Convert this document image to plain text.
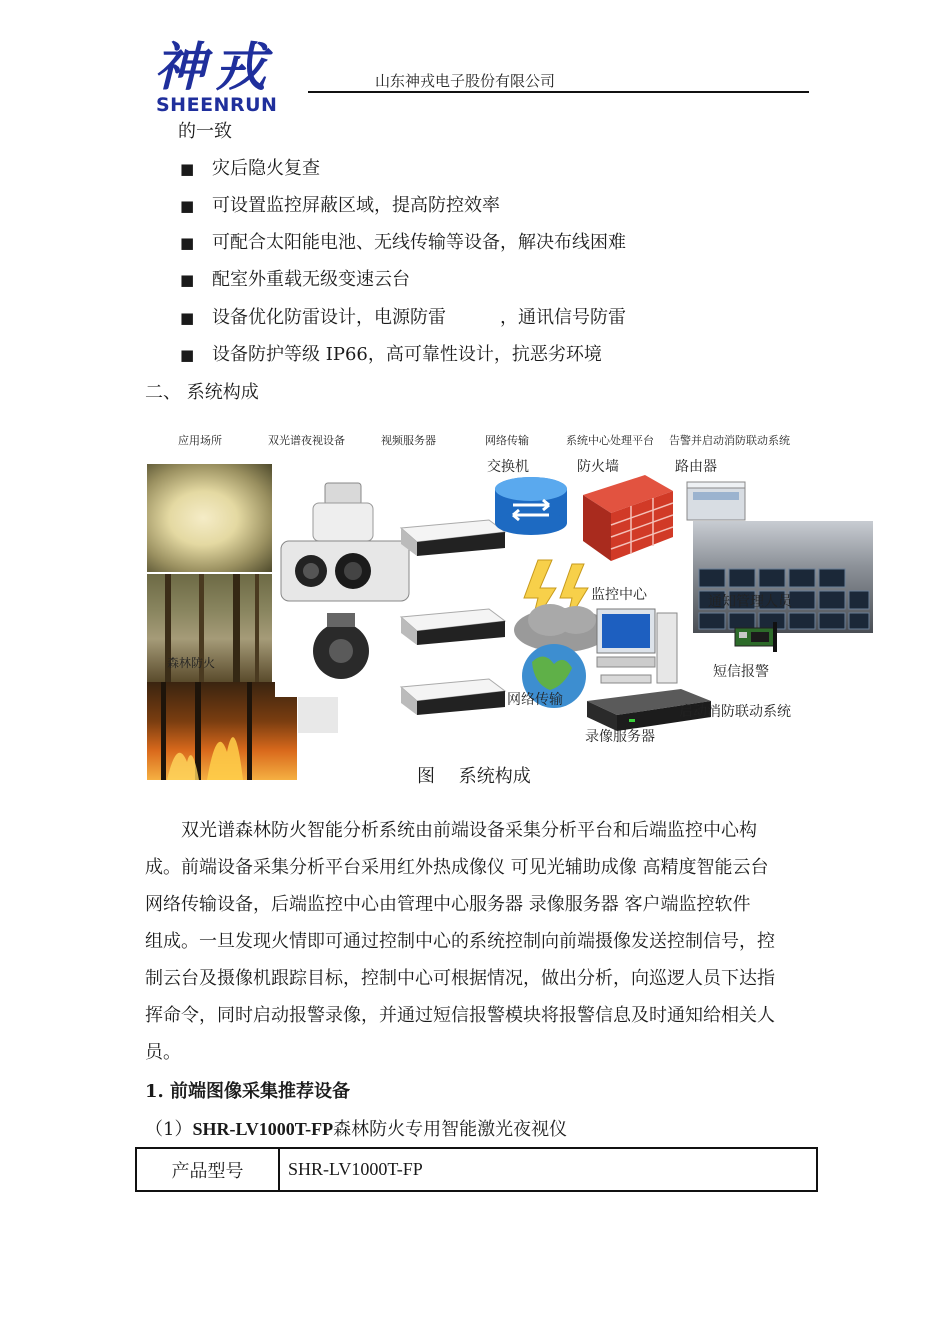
神戎
SHEENRUN
山东神戎电子股份有限公司
的一致
■ 灾后隐火复查
■ 可设置监控屏蔽区域，提高防控效率
■ 可配合太阳能电池、无线传输等设备，解决布线困难
■ 配室外重载无级变速云台
■ 设备优化防雷设计，电源防雷　　　，通讯信号防雷
■ 设备防护等级 IP66，高可靠性设计，抗恶劣环境
二、 系统构成
应用场所	双光谱夜视设备	视频服务器	网络传输	系统中心处理平台 告警并启动消防联动系统
森林防火
交换机	防火墙	路由器
网络传输
监控中心	通知管理人员
短信报警
启动消防联动系统
录像服务器
图　 系统构成
　　双光谱森林防火智能分析系统由前端设备采集分析平台和后端监控中心构
成。前端设备采集分析平台采用红外热成像仪 可见光辅助成像 高精度智能云台
网络传输设备，后端监控中心由管理中心服务器 录像服务器 客户端监控软件
组成。一旦发现火情即可通过控制中心的系统控制向前端摄像发送控制信号，控
制云台及摄像机跟踪目标，控制中心可根据情况，做出分析，向巡逻人员下达指
挥命令，同时启动报警录像，并通过短信报警模块将报警信息及时通知给相关人
员。
1. 前端图像采集推荐设备
（1）SHR-LV1000T-FP森林防火专用智能激光夜视仪
产品型号	SHR-LV1000T-FP
